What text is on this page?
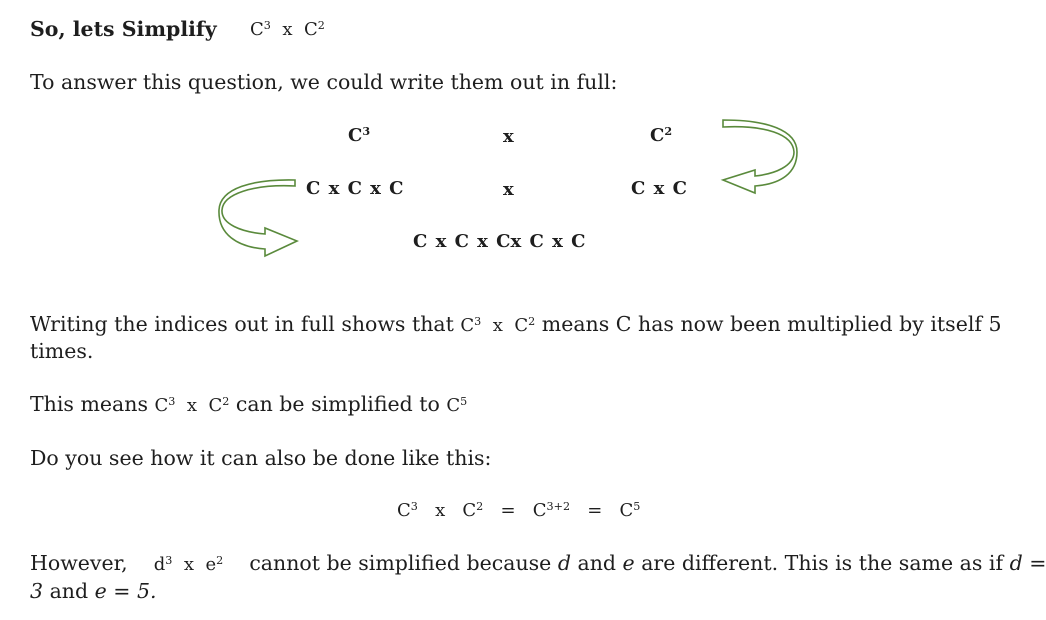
So, lets Simplify $C^3$ x $C^2$
To answer this question, we could write them out in full:
$C^3$	x	$C^2$
C x C x C	x	C x C
C x C x Cx C x C
Writing the indices out in full shows that $C^3$ x $C^2$ means C has now been multiplied by itself 5
times.
This means $C^3$ x $C^2$ can be simplified to $C^5$
Do you see how it can also be done like this:
$C^3$ x $C^2 = C^{3+2} = C^5$
However, $d^3$ x $e^2$ cannot be simplified because d and e are different. This is the same as if d =
3 and e = 5.
